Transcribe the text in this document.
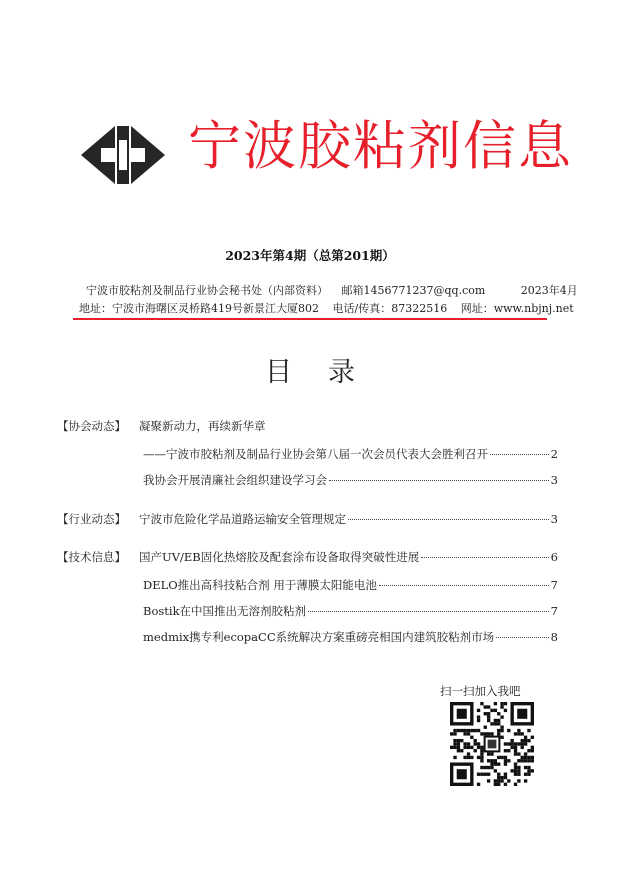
宁波胶粘剂信息
2023年第4期（总第201期）
宁波市胶粘剂及制品行业协会秘书处（内部资料） 邮箱1456771237@qq.com	2023年4月
地址：宁波市海曙区灵桥路419号新景江大厦802 电话/传真：87322516 网址：www.nbjnj.net
目录
【协会动态】 凝聚新动力，再续新华章
——宁波市胶粘剂及制品行业协会第八届一次会员代表大会胜利召开	2
我协会开展清廉社会组织建设学习会	3
【行业动态】 宁波市危险化学品道路运输安全管理规定	3
【技术信息】 国产UV/EB固化热熔胶及配套涂布设备取得突破性进展	6
DELO推出高科技粘合剂 用于薄膜太阳能电池	7
Bostik在中国推出无溶剂胶粘剂	7
medmix携专利ecopaCC系统解决方案重磅亮相国内建筑胶粘剂市场	8
扫一扫加入我吧
